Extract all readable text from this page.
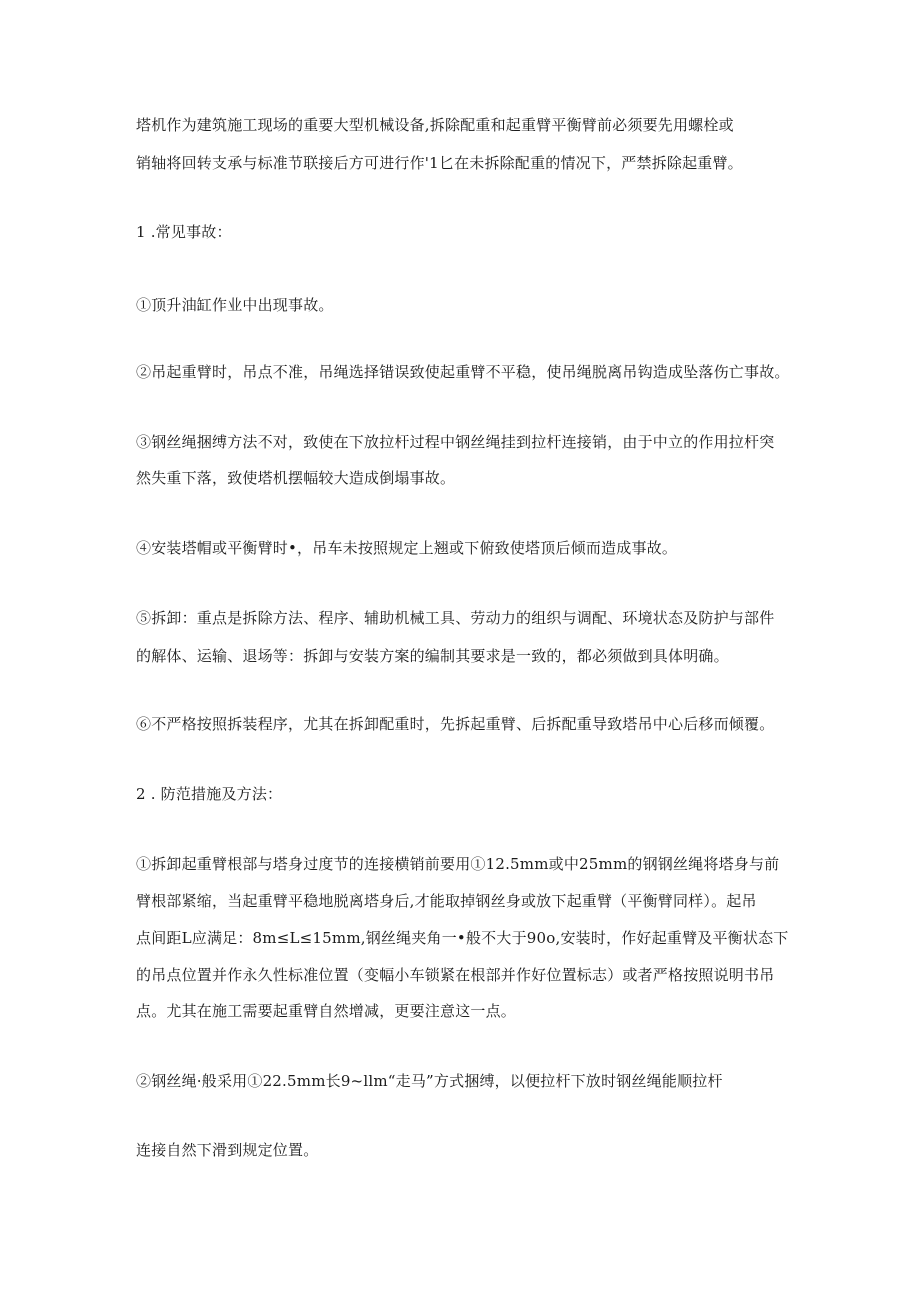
塔机作为建筑施工现场的重要大型机械设备,拆除配重和起重臂平衡臂前必须要先用螺栓或
销轴将回转支承与标准节联接后方可进行作'1匕在未拆除配重的情况下，严禁拆除起重臂。
1 .常见事故：
①顶升油缸作业中出现事故。
②吊起重臂时，吊点不准，吊绳选择错误致使起重臂不平稳，使吊绳脱离吊钩造成坠落伤亡事故。
③钢丝绳捆缚方法不对，致使在下放拉杆过程中钢丝绳挂到拉杆连接销，由于中立的作用拉杆突
然失重下落，致使塔机摆幅较大造成倒塌事故。
④安装塔帽或平衡臂时•，吊车未按照规定上翘或下俯致使塔顶后倾而造成事故。
⑤拆卸：重点是拆除方法、程序、辅助机械工具、劳动力的组织与调配、环境状态及防护与部件
的解体、运输、退场等：拆卸与安装方案的编制其要求是一致的，都必须做到具体明确。
⑥不严格按照拆装程序，尤其在拆卸配重时，先拆起重臂、后拆配重导致塔吊中心后移而倾覆。
2 . 防范措施及方法：
①拆卸起重臂根部与塔身过度节的连接横销前要用①12.5mm或中25mm的钢钢丝绳将塔身与前
臂根部紧缩，当起重臂平稳地脱离塔身后,才能取掉钢丝身或放下起重臂（平衡臂同样）。起吊
点间距L应满足：8m≤L≤15mm,钢丝绳夹角一•般不大于90o,安装时，作好起重臂及平衡状态下
的吊点位置并作永久性标准位置（变幅小车锁紧在根部并作好位置标志）或者严格按照说明书吊
点。尤其在施工需要起重臂自然增减，更要注意这一点。
②钢丝绳·般采用①22.5mm长9~llm“走马”方式捆缚，以便拉杆下放时钢丝绳能顺拉杆
连接自然下滑到规定位置。
